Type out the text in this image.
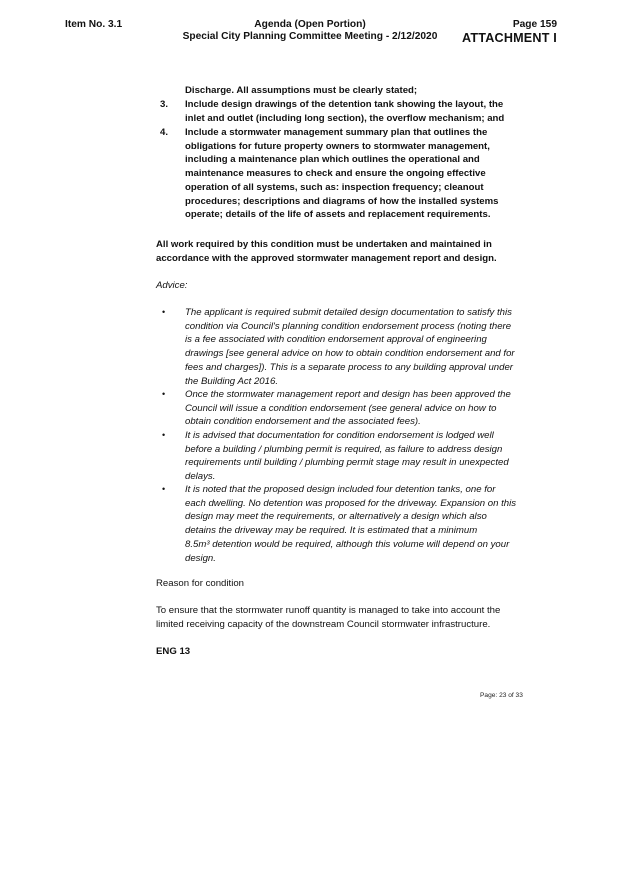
Item No. 3.1	Agenda (Open Portion)
Special City Planning Committee Meeting - 2/12/2020
Page 159
ATTACHMENT I
Discharge. All assumptions must be clearly stated;
3. Include design drawings of the detention tank showing the layout, the
inlet and outlet (including long section), the overflow mechanism; and
4. Include a stormwater management summary plan that outlines the
obligations for future property owners to stormwater management,
including a maintenance plan which outlines the operational and
maintenance measures to check and ensure the ongoing effective
operation of all systems, such as: inspection frequency; cleanout
procedures; descriptions and diagrams of how the installed systems
operate; details of the life of assets and replacement requirements.
All work required by this condition must be undertaken and maintained in
accordance with the approved stormwater management report and design.
Advice:
• The applicant is required submit detailed design documentation to satisfy this
condition via Council's planning condition endorsement process (noting there
is a fee associated with condition endorsement approval of engineering
drawings [see general advice on how to obtain condition endorsement and for
fees and charges]). This is a separate process to any building approval under
the Building Act 2016.
• Once the stormwater management report and design has been approved the
Council will issue a condition endorsement (see general advice on how to
obtain condition endorsement and the associated fees).
• It is advised that documentation for condition endorsement is lodged well
before a building / plumbing permit is required, as failure to address design
requirements until building / plumbing permit stage may result in unexpected
delays.
• It is noted that the proposed design included four detention tanks, one for
each dwelling. No detention was proposed for the driveway. Expansion on this
design may meet the requirements, or alternatively a design which also
detains the driveway may be required. It is estimated that a minimum
8.5m³ detention would be required, although this volume will depend on your
design.
Reason for condition
To ensure that the stormwater runoff quantity is managed to take into account the
limited receiving capacity of the downstream Council stormwater infrastructure.
ENG 13
Page: 23 of 33
